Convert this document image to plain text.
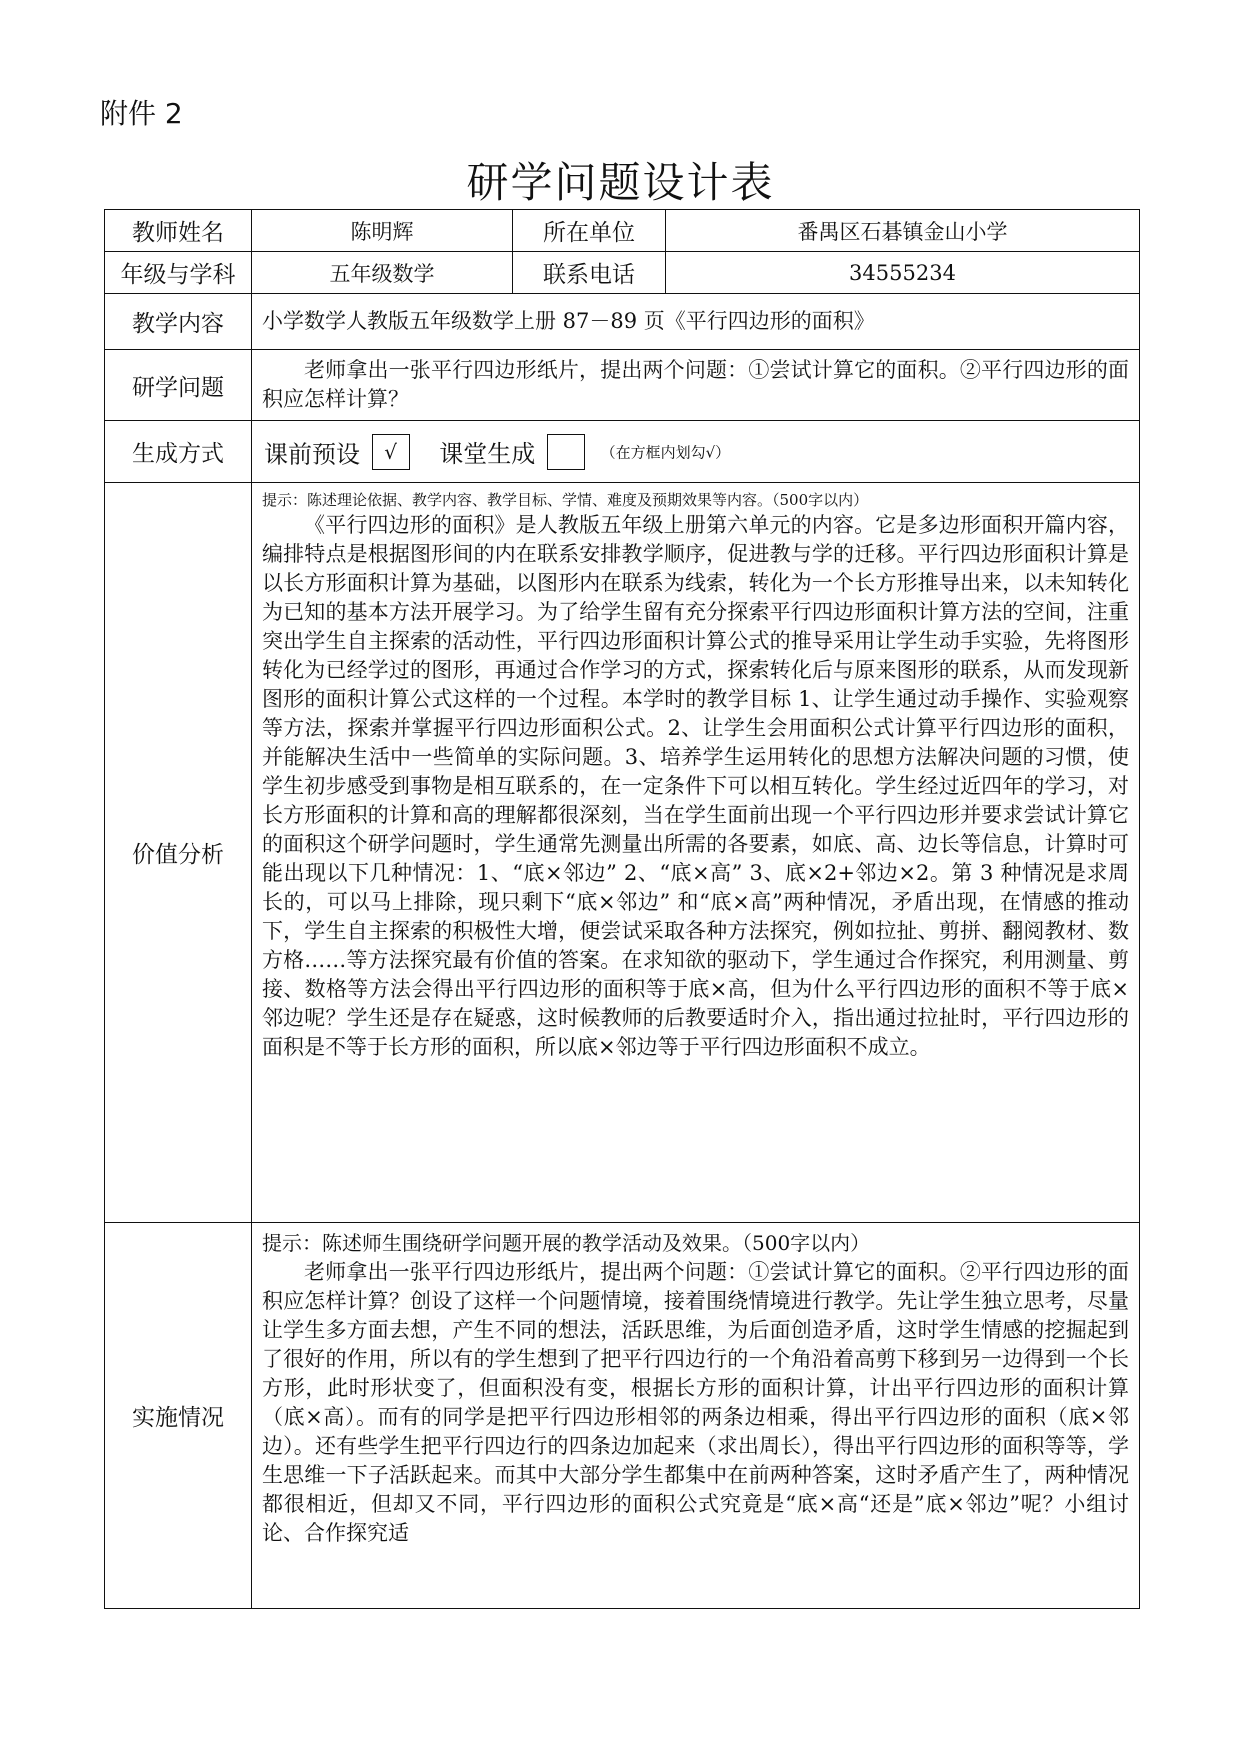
附件 2
研学问题设计表
教师姓名	陈明辉	所在单位	番禺区石碁镇金山小学
年级与学科	五年级数学	联系电话	34555234
教学内容	小学数学人教版五年级数学上册 87－89 页《平行四边形的面积》		
研学问题	老师拿出一张平行四边形纸片，提出两个问题：①尝试计算它的面积。②平行四边形的面积应怎样计算？		

生成方式	课前预设 √ 课堂生成 （在方框内划勾√）		
价值分析	提示：陈述理论依据、教学内容、教学目标、学情、难度及预期效果等内容。（500字以内）
《平行四边形的面积》是人教版五年级上册第六单元的内容。它是多边形面积开篇内容，编排特点是根据图形间的内在联系安排教学顺序，促进教与学的迁移。平行四边形面积计算是以长方形面积计算为基础，以图形内在联系为线索，转化为一个长方形推导出来，以未知转化为已知的基本方法开展学习。为了给学生留有充分探索平行四边形面积计算方法的空间，注重突出学生自主探索的活动性，平行四边形面积计算公式的推导采用让学生动手实验，先将图形转化为已经学过的图形，再通过合作学习的方式，探索转化后与原来图形的联系，从而发现新图形的面积计算公式这样的一个过程。本学时的教学目标 1、让学生通过动手操作、实验观察等方法，探索并掌握平行四边形面积公式。2、让学生会用面积公式计算平行四边形的面积，并能解决生活中一些简单的实际问题。3、培养学生运用转化的思想方法解决问题的习惯，使学生初步感受到事物是相互联系的，在一定条件下可以相互转化。学生经过近四年的学习，对长方形面积的计算和高的理解都很深刻，当在学生面前出现一个平行四边形并要求尝试计算它的面积这个研学问题时，学生通常先测量出所需的各要素，如底、高、边长等信息，计算时可能出现以下几种情况：1、“底×邻边” 2、“底×高” 3、底×2+邻边×2。第 3 种情况是求周长的，可以马上排除，现只剩下“底×邻边” 和“底×高”两种情况，矛盾出现，在情感的推动下，学生自主探索的积极性大增，便尝试采取各种方法探究，例如拉扯、剪拼、翻阅教材、数方格……等方法探究最有价值的答案。在求知欲的驱动下，学生通过合作探究，利用测量、剪接、数格等方法会得出平行四边形的面积等于底×高，但为什么平行四边形的面积不等于底×邻边呢？学生还是存在疑惑，这时候教师的后教要适时介入，指出通过拉扯时，平行四边形的面积是不等于长方形的面积，所以底×邻边等于平行四边形面积不成立。		

实施情况	提示：陈述师生围绕研学问题开展的教学活动及效果。（500字以内）
老师拿出一张平行四边形纸片，提出两个问题：①尝试计算它的面积。②平行四边形的面积应怎样计算？创设了这样一个问题情境，接着围绕情境进行教学。先让学生独立思考，尽量让学生多方面去想，产生不同的想法，活跃思维，为后面创造矛盾，这时学生情感的挖掘起到了很好的作用，所以有的学生想到了把平行四边行的一个角沿着高剪下移到另一边得到一个长方形，此时形状变了，但面积没有变，根据长方形的面积计算，计出平行四边形的面积计算（底×高）。而有的同学是把平行四边形相邻的两条边相乘，得出平行四边形的面积（底×邻边）。还有些学生把平行四边行的四条边加起来（求出周长），得出平行四边形的面积等等，学生思维一下子活跃起来。而其中大部分学生都集中在前两种答案，这时矛盾产生了，两种情况都很相近，但却又不同，平行四边形的面积公式究竟是“底×高“还是”底×邻边”呢？小组讨论、合作探究适		
